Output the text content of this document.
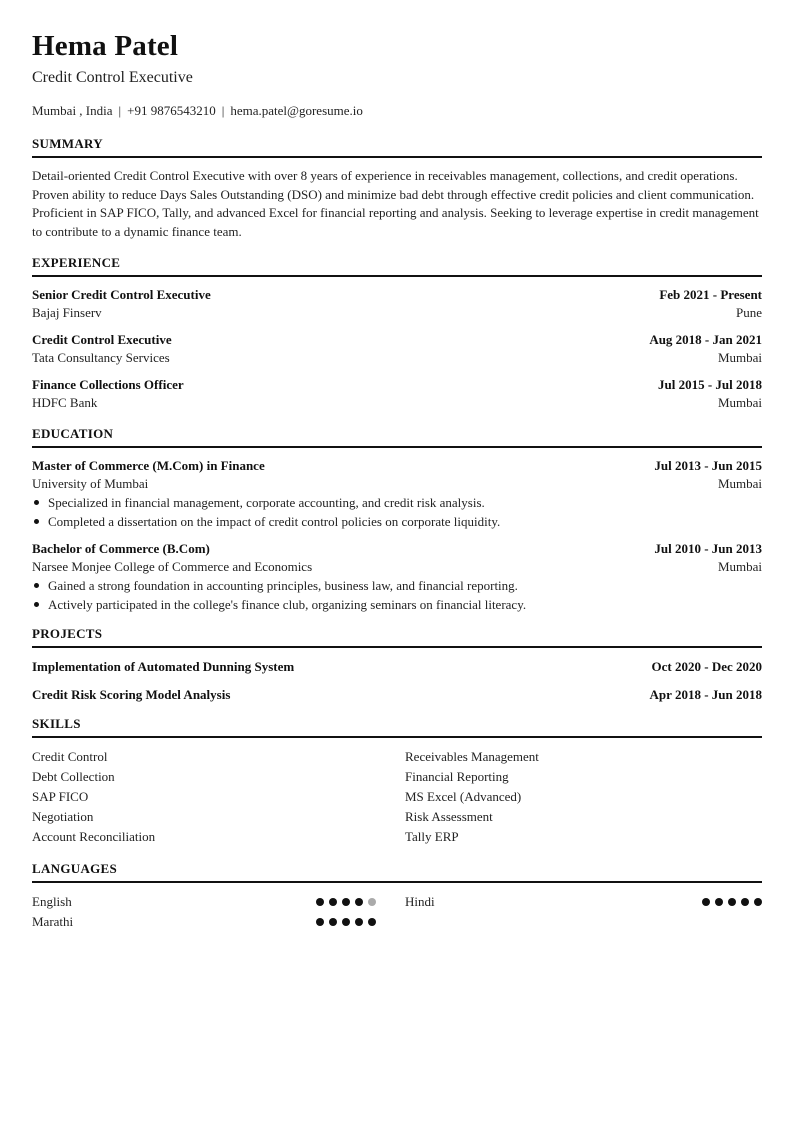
Hema Patel
Credit Control Executive
Mumbai , India | +91 9876543210 | hema.patel@goresume.io
SUMMARY
Detail-oriented Credit Control Executive with over 8 years of experience in receivables management, collections, and credit operations. Proven ability to reduce Days Sales Outstanding (DSO) and minimize bad debt through effective credit policies and client communication. Proficient in SAP FICO, Tally, and advanced Excel for financial reporting and analysis. Seeking to leverage expertise in credit management to contribute to a dynamic finance team.
EXPERIENCE
Senior Credit Control Executive	Feb 2021 - Present
Bajaj Finserv	Pune
Credit Control Executive	Aug 2018 - Jan 2021
Tata Consultancy Services	Mumbai
Finance Collections Officer	Jul 2015 - Jul 2018
HDFC Bank	Mumbai
EDUCATION
Master of Commerce (M.Com) in Finance	Jul 2013 - Jun 2015
University of Mumbai	Mumbai
Specialized in financial management, corporate accounting, and credit risk analysis.
Completed a dissertation on the impact of credit control policies on corporate liquidity.
Bachelor of Commerce (B.Com)	Jul 2010 - Jun 2013
Narsee Monjee College of Commerce and Economics	Mumbai
Gained a strong foundation in accounting principles, business law, and financial reporting.
Actively participated in the college's finance club, organizing seminars on financial literacy.
PROJECTS
Implementation of Automated Dunning System	Oct 2020 - Dec 2020
Credit Risk Scoring Model Analysis	Apr 2018 - Jun 2018
SKILLS
Credit Control	Receivables Management
Debt Collection	Financial Reporting
SAP FICO	MS Excel (Advanced)
Negotiation	Risk Assessment
Account Reconciliation	Tally ERP
LANGUAGES
English	Hindi
Marathi
